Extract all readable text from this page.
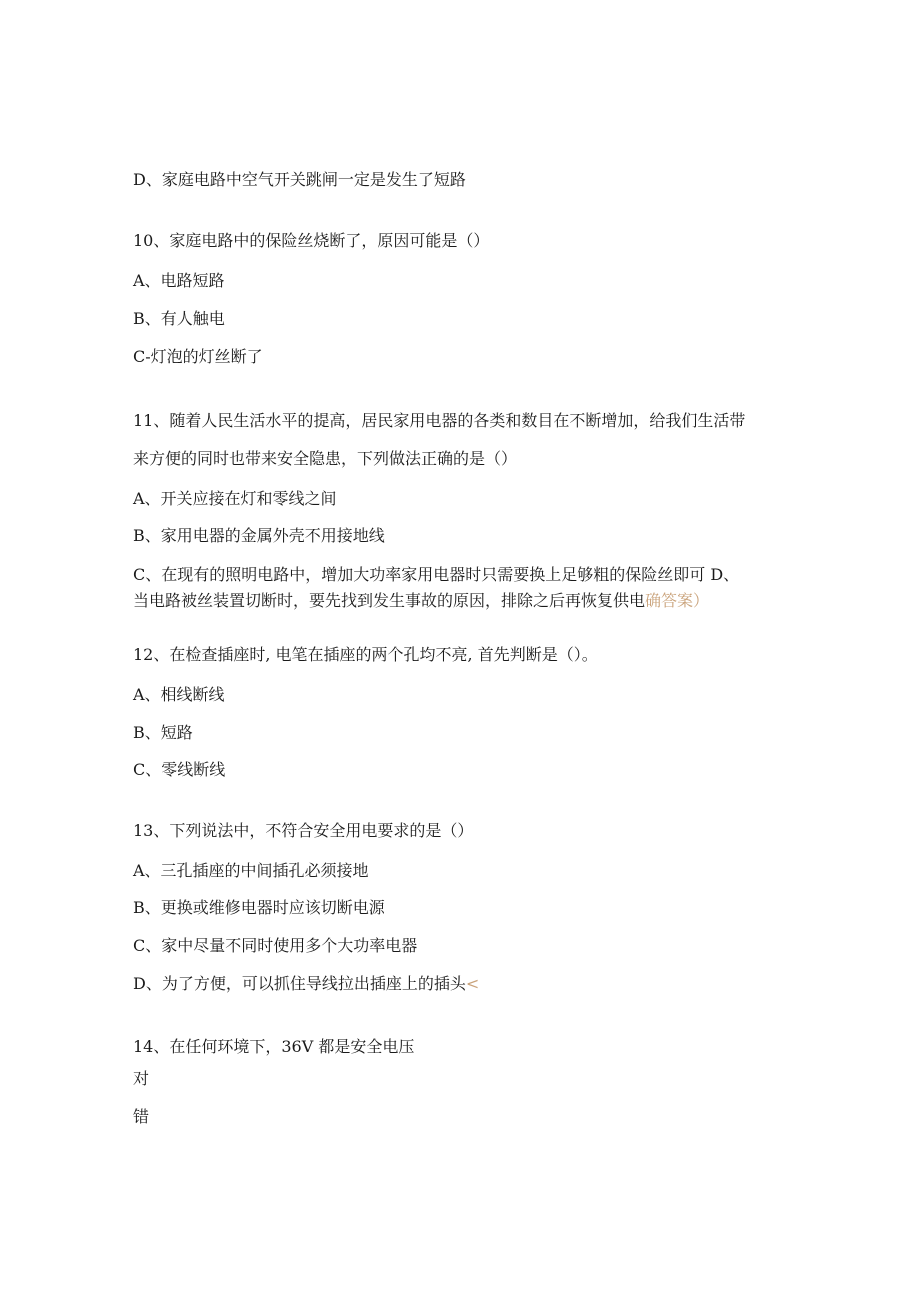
D、家庭电路中空气开关跳闸一定是发生了短路
10、家庭电路中的保险丝烧断了，原因可能是（）
A、电路短路
B、有人触电
C-灯泡的灯丝断了
11、随着人民生活水平的提高，居民家用电器的各类和数目在不断增加，给我们生活带
来方便的同时也带来安全隐患，下列做法正确的是（）
A、开关应接在灯和零线之间
B、家用电器的金属外壳不用接地线
C、在现有的照明电路中，增加大功率家用电器时只需要换上足够粗的保险丝即可 D、
当电路被丝装置切断时，要先找到发生事故的原因，排除之后再恢复供电确答案）
12、在检查插座时, 电笔在插座的两个孔均不亮, 首先判断是（）。
A、相线断线
B、短路
C、零线断线
13、下列说法中，不符合安全用电要求的是（）
A、三孔插座的中间插孔必须接地
B、更换或维修电器时应该切断电源
C、家中尽量不同时使用多个大功率电器
D、为了方便，可以抓住导线拉出插座上的插头<
14、在任何环境下，36V 都是安全电压
对
错
